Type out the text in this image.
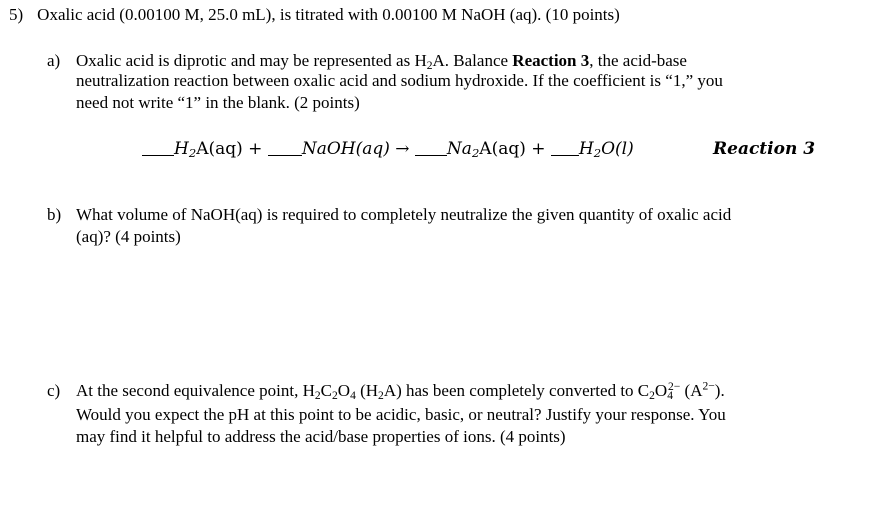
5) Oxalic acid (0.00100 M, 25.0 mL), is titrated with 0.00100 M NaOH (aq). (10 points)
a) Oxalic acid is diprotic and may be represented as $H_2A$. Balance Reaction 3, the acid-base
neutralization reaction between oxalic acid and sodium hydroxide. If the coefficient is “1,” you
need not write “1” in the blank. (2 points)
$H_2A(aq)$ + NaOH(aq) → $Na_2A(aq) + H_2O(l)$	Reaction 3
b) What volume of NaOH(aq) is required to completely neutralize the given quantity of oxalic acid
(aq)? (4 points)
c) At the second equivalence point, $H_2C_2O_4$ $(H_2A)$ has been completely converted to $C_2O_4^{2-}$ $(A^{2-})$.
Would you expect the pH at this point to be acidic, basic, or neutral? Justify your response. You
may find it helpful to address the acid/base properties of ions. (4 points)
